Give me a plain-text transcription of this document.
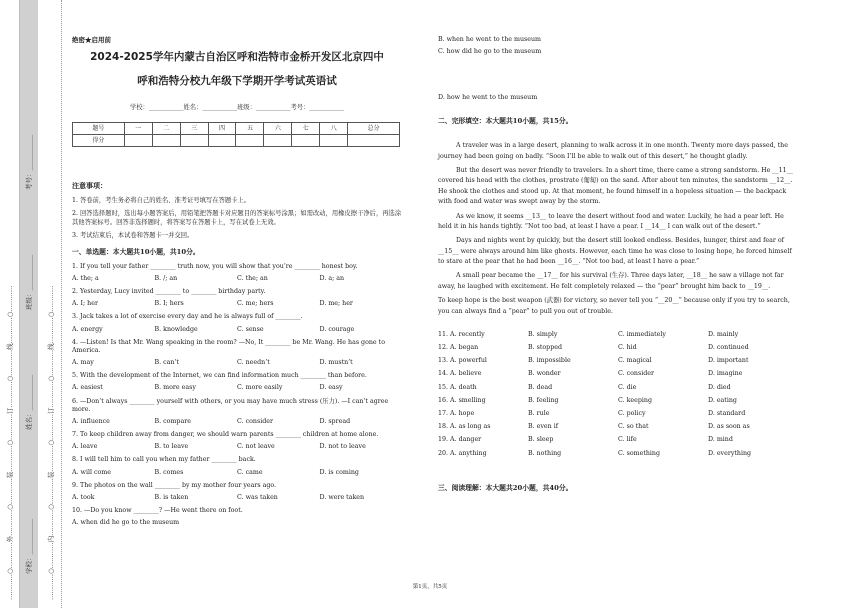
…………○…………外…………○…………装…………○…………订…………○…………线…………○………… 学校：___________
姓名：___________
班级：___________
考号：___________
…………○…………内…………○…………装…………○…………订…………○…………线…………○…………
绝密★启用前
2024-2025学年内蒙古自治区呼和浩特市金桥开发区北京四中
呼和浩特分校九年级下学期开学考试英语试
学校：___________姓名：___________班级：___________考号：___________
题号	一	二	三	四	五	六	七	八	总分
得分									
注意事项：
1. 答卷前，考生务必将自己的姓名、准考证号填写在答题卡上。
2. 回答选择题时，选出每小题答案后，用铅笔把答题卡对应题目的答案标号涂黑；如需改动，用橡皮擦干净后，再选涂其他答案标号。回答非选择题时，将答案写在答题卡上，写在试卷上无效。
3. 考试结束后，本试卷和答题卡一并交回。
一、单选题：本大题共10小题，共10分。
1. If you tell your father ________ truth now, you will show that you’re ________ honest boy.
A. the; a	B. /; an	C. the; an	D. a; an
2. Yesterday, Lucy invited ________ to ________ birthday party.
A. I; her	B. I; hers	C. me; hers	D. me; her
3. Jack takes a lot of exercise every day and he is always full of ________.
A. energy	B. knowledge	C. sense	D. courage
4. —Listen! Is that Mr. Wang speaking in the room? —No, It ________ be Mr. Wang. He has gone to America.
A. may	B. can’t	C. needn’t	D. mustn’t
5. With the development of the Internet, we can find information much ________ than before.
A. easiest	B. more easy	C. more easily	D. easy
6. —Don’t always ________ yourself with others, or you may have much stress (压力). —I can’t agree more.
A. influence	B. compare	C. consider	D. spread
7. To keep children away from danger, we should warn parents ________ children at home alone.
A. leave	B. to leave	C. not leave	D. not to leave
8. I will tell him to call you when my father ________ back.
A. will come	B. comes	C. came	D. is coming
9. The photos on the wall ________ by my mother four years ago.
A. took	B. is taken	C. was taken	D. were taken
10. —Do you know ________? —He went there on foot.
A. when did he go to the museum
B. when he went to the museum
C. how did he go to the museum
D. how he went to the museum
二、完形填空：本大题共10小题，共15分。
A traveler was in a large desert, planning to walk across it in one month. Twenty more days passed, the journey had been going on badly. “Soon I’ll be able to walk out of this desert,” he thought gladly.
But the desert was never friendly to travelers. In a short time, there came a strong sandstorm. He __11__ covered his head with the clothes, prostrate (匍匐) on the sand. After about ten minutes, the sandstorm __12__. He shook the clothes and stood up. At that moment, he found himself in a hopeless situation — the backpack with food and water was swept away by the storm.
As we know, it seems __13__ to leave the desert without food and water. Luckily, he had a pear left. He held it in his hands tightly. “Not too bad, at least I have a pear. I __14__ I can walk out of the desert.”
Days and nights went by quickly, but the desert still looked endless. Besides, hunger, thirst and fear of __15__ were always around him like ghosts. However, each time he was close to losing hope, he forced himself to stare at the pear that he had been __16__. “Not too bad, at least I have a pear.”
A small pear became the __17__ for his survival (生存). Three days later, __18__ he saw a village not far away, he laughed with excitement. He felt completely relaxed — the “pear” brought him back to __19__.
To keep hope is the best weapon (武器) for victory, so never tell you “__20__” because only if you try to search, you can always find a “pear” to pull you out of trouble.
11. A. recently	B. simply	C. immediately	D. mainly
12. A. began	B. stopped	C. hid	D. continued
13. A. powerful	B. impossible	C. magical	D. important
14. A. believe	B. wonder	C. consider	D. imagine
15. A. death	B. dead	C. die	D. died
16. A. smelling	B. feeling	C. keeping	D. eating
17. A. hope	B. rule	C. policy	D. standard
18. A. as long as	B. even if	C. so that	D. as soon as
19. A. danger	B. sleep	C. life	D. mind
20. A. anything	B. nothing	C. something	D. everything
三、阅读理解：本大题共20小题，共40分。
第1页，共5页
